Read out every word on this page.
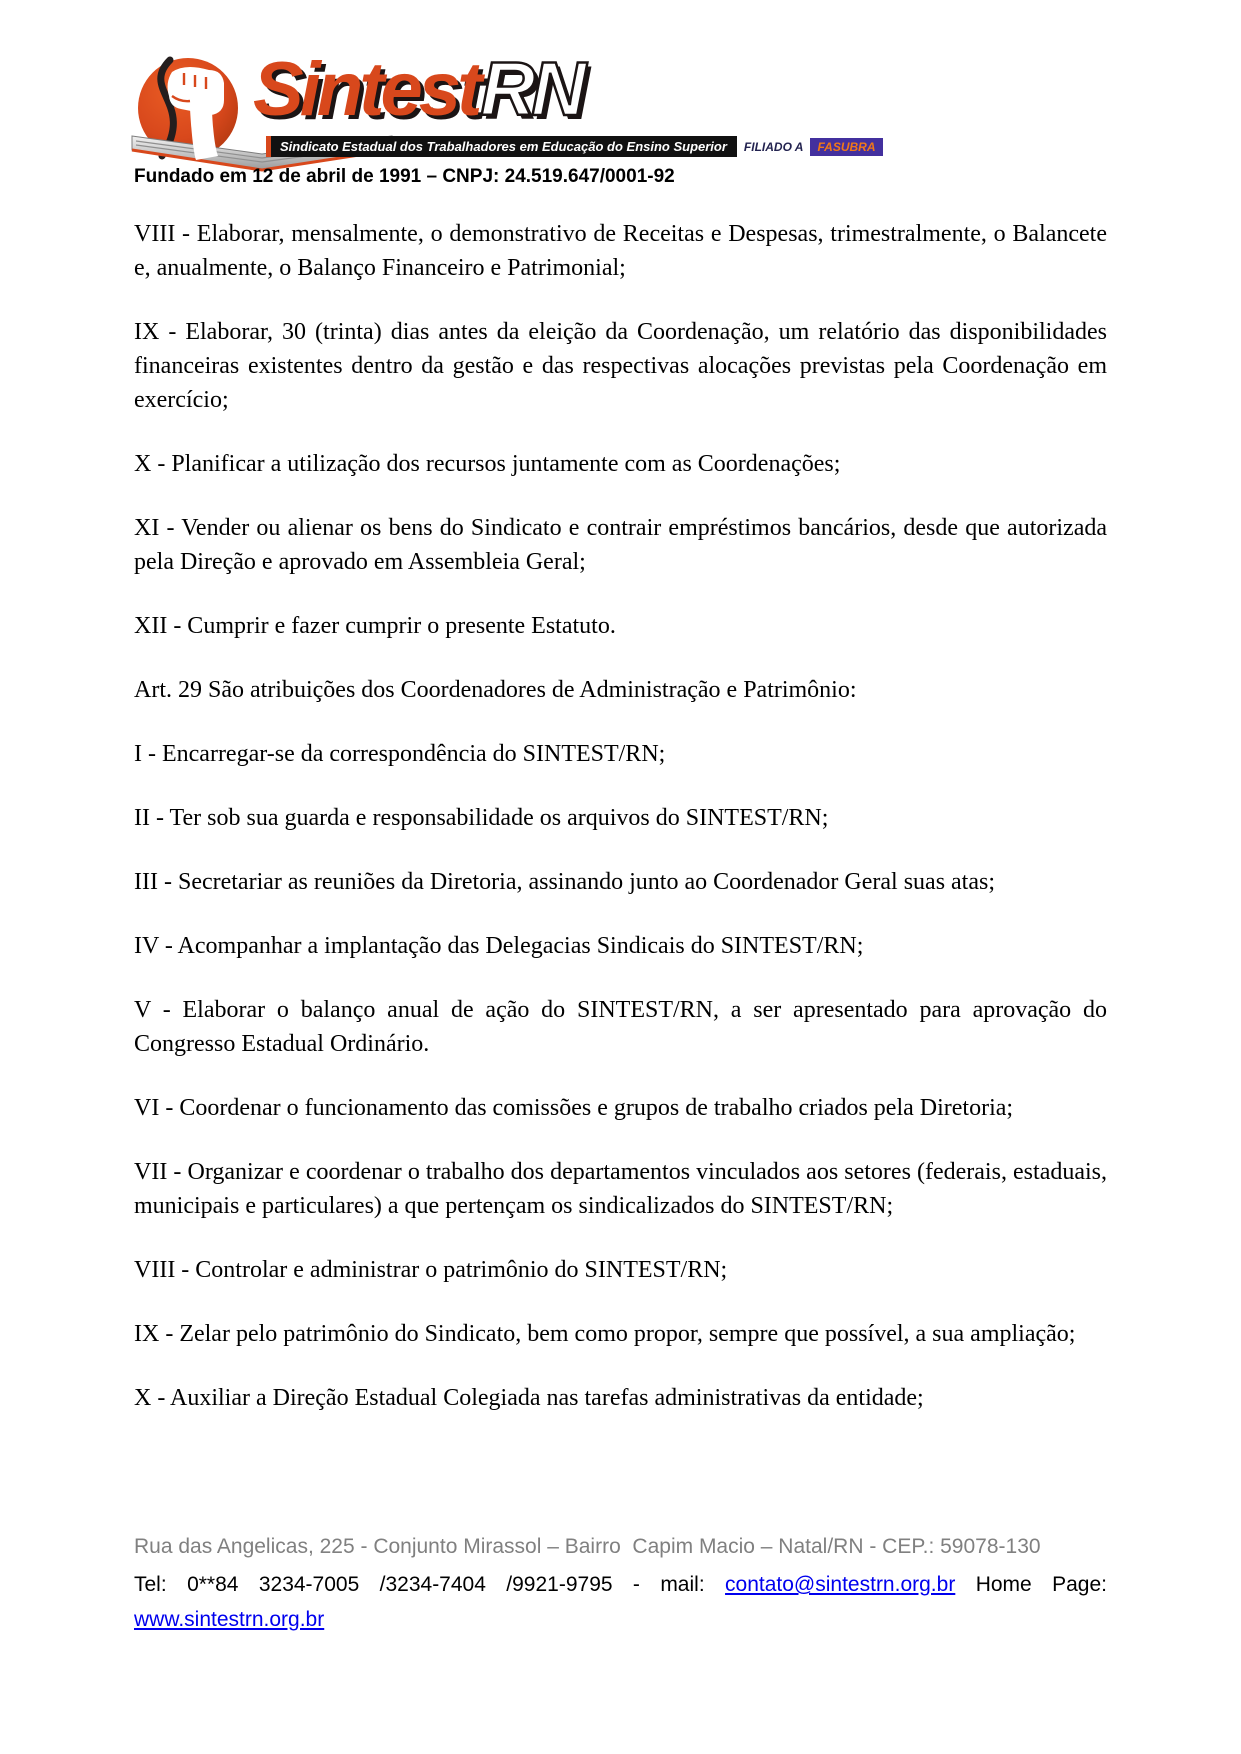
SintestRN
Sindicato Estadual dos Trabalhadores em Educação do Ensino Superior	FILIADO A	FASUBRA
Fundado em 12 de abril de 1991 – CNPJ: 24.519.647/0001-92

VIII - Elaborar, mensalmente, o demonstrativo de Receitas e Despesas, trimestralmente, o Balancete e, anualmente, o Balanço Financeiro e Patrimonial;

IX - Elaborar, 30 (trinta) dias antes da eleição da Coordenação, um relatório das disponibilidades financeiras existentes dentro da gestão e das respectivas alocações previstas pela Coordenação em exercício;

X - Planificar a utilização dos recursos juntamente com as Coordenações;

XI - Vender ou alienar os bens do Sindicato e contrair empréstimos bancários, desde que autorizada pela Direção e aprovado em Assembleia Geral;

XII - Cumprir e fazer cumprir o presente Estatuto.

Art. 29 São atribuições dos Coordenadores de Administração e Patrimônio:

I - Encarregar-se da correspondência do SINTEST/RN;

II - Ter sob sua guarda e responsabilidade os arquivos do SINTEST/RN;

III - Secretariar as reuniões da Diretoria, assinando junto ao Coordenador Geral suas atas;

IV - Acompanhar a implantação das Delegacias Sindicais do SINTEST/RN;

V - Elaborar o balanço anual de ação do SINTEST/RN, a ser apresentado para aprovação do Congresso Estadual Ordinário.

VI - Coordenar o funcionamento das comissões e grupos de trabalho criados pela Diretoria;

VII - Organizar e coordenar o trabalho dos departamentos vinculados aos setores (federais, estaduais, municipais e particulares) a que pertençam os sindicalizados do SINTEST/RN;

VIII - Controlar e administrar o patrimônio do SINTEST/RN;

IX - Zelar pelo patrimônio do Sindicato, bem como propor, sempre que possível, a sua ampliação;

X - Auxiliar a Direção Estadual Colegiada nas tarefas administrativas da entidade;

Rua das Angelicas, 225 - Conjunto Mirassol – Bairro  Capim Macio – Natal/RN - CEP.: 59078-130
Tel: 0**84 3234-7005 /3234-7404 /9921-9795 - mail: contato@sintestrn.org.br Home Page:
www.sintestrn.org.br
